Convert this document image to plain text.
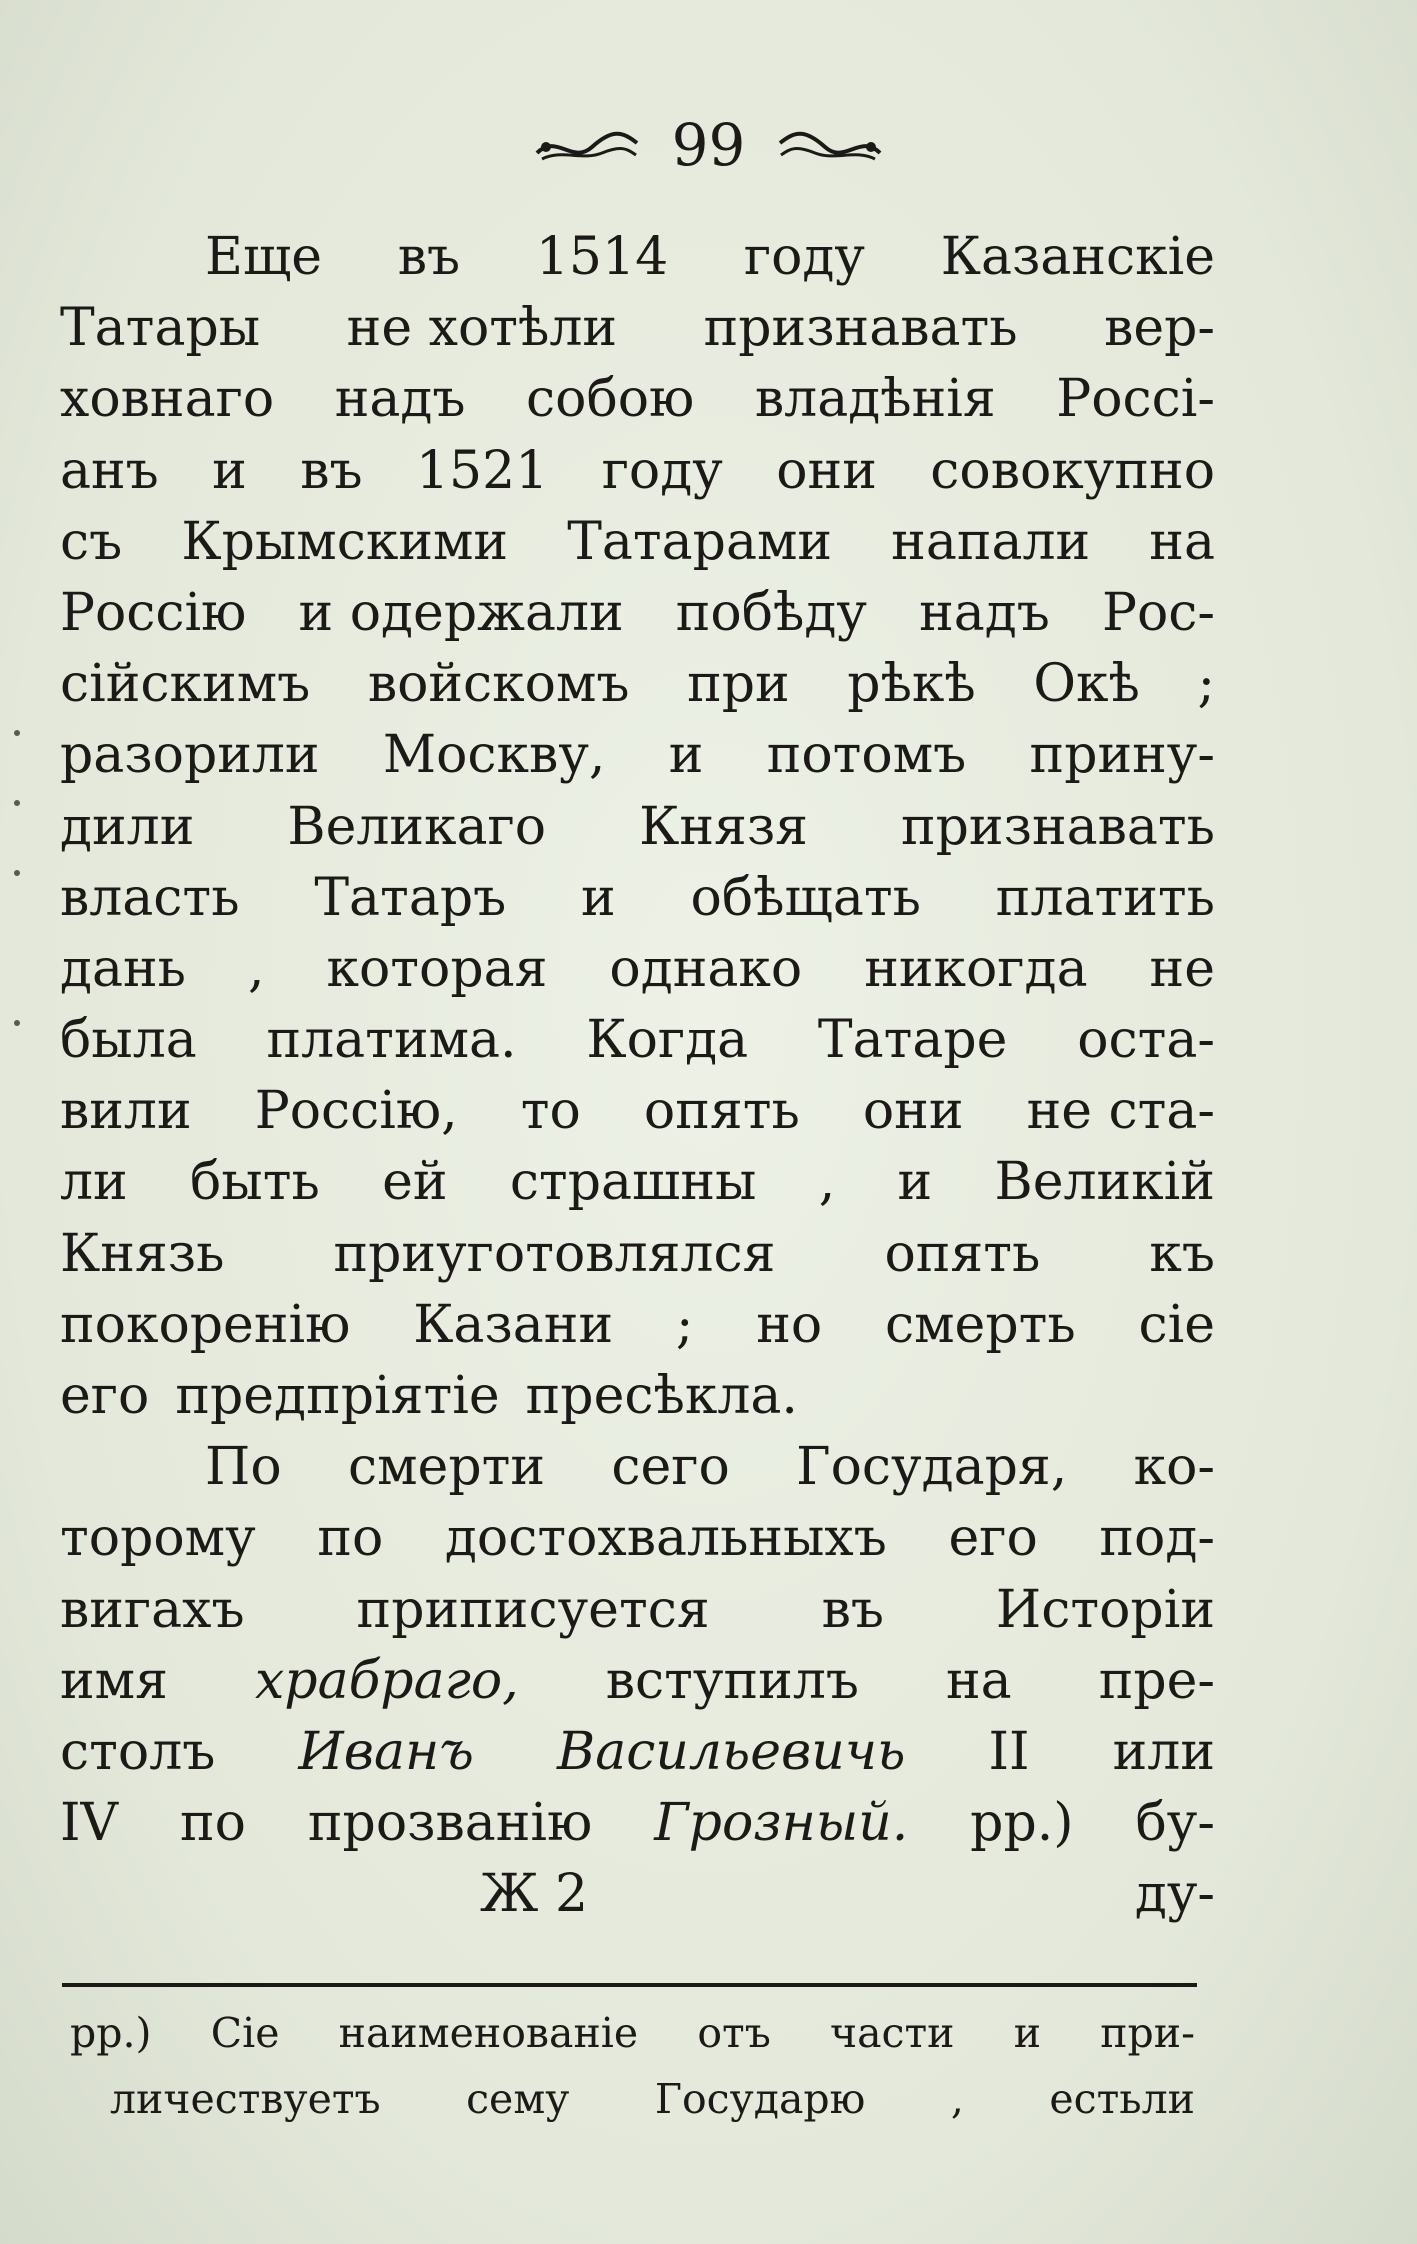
99
Еще въ 1514 году Казанскіе
Татары не хотѣли признавать вер-
ховнаго надъ собою владѣнія Россі-
анъ и въ 1521 году они совокупно
съ Крымскими Татарами напали на
Россію и одержали побѣду надъ Рос-
сійскимъ войскомъ при рѣкѣ Окѣ ;
разорили Москву, и потомъ прину-
дили Великаго Князя признавать
власть Татаръ и обѣщать платить
дань , которая однако никогда не
была платима. Когда Татаре оста-
вили Россію, то опять они не ста-
ли быть ей страшны , и Великій
Князь приуготовлялся опять къ
покоренію Казани ; но смерть сіе
его предпріятіе пресѣкла.
По смерти сего Государя, ко-
торому по достохвальныхъ его под-
вигахъ приписуется въ Исторіи
имя храбраго, вступилъ на пре-
столъ Иванъ Васильевичь II или
IV по прозванію Грозный. рр.) бу-
Ж 2	ду-
рр.) Сіе наименованіе отъ части и при-
личествуетъ сему Государю , естьли
